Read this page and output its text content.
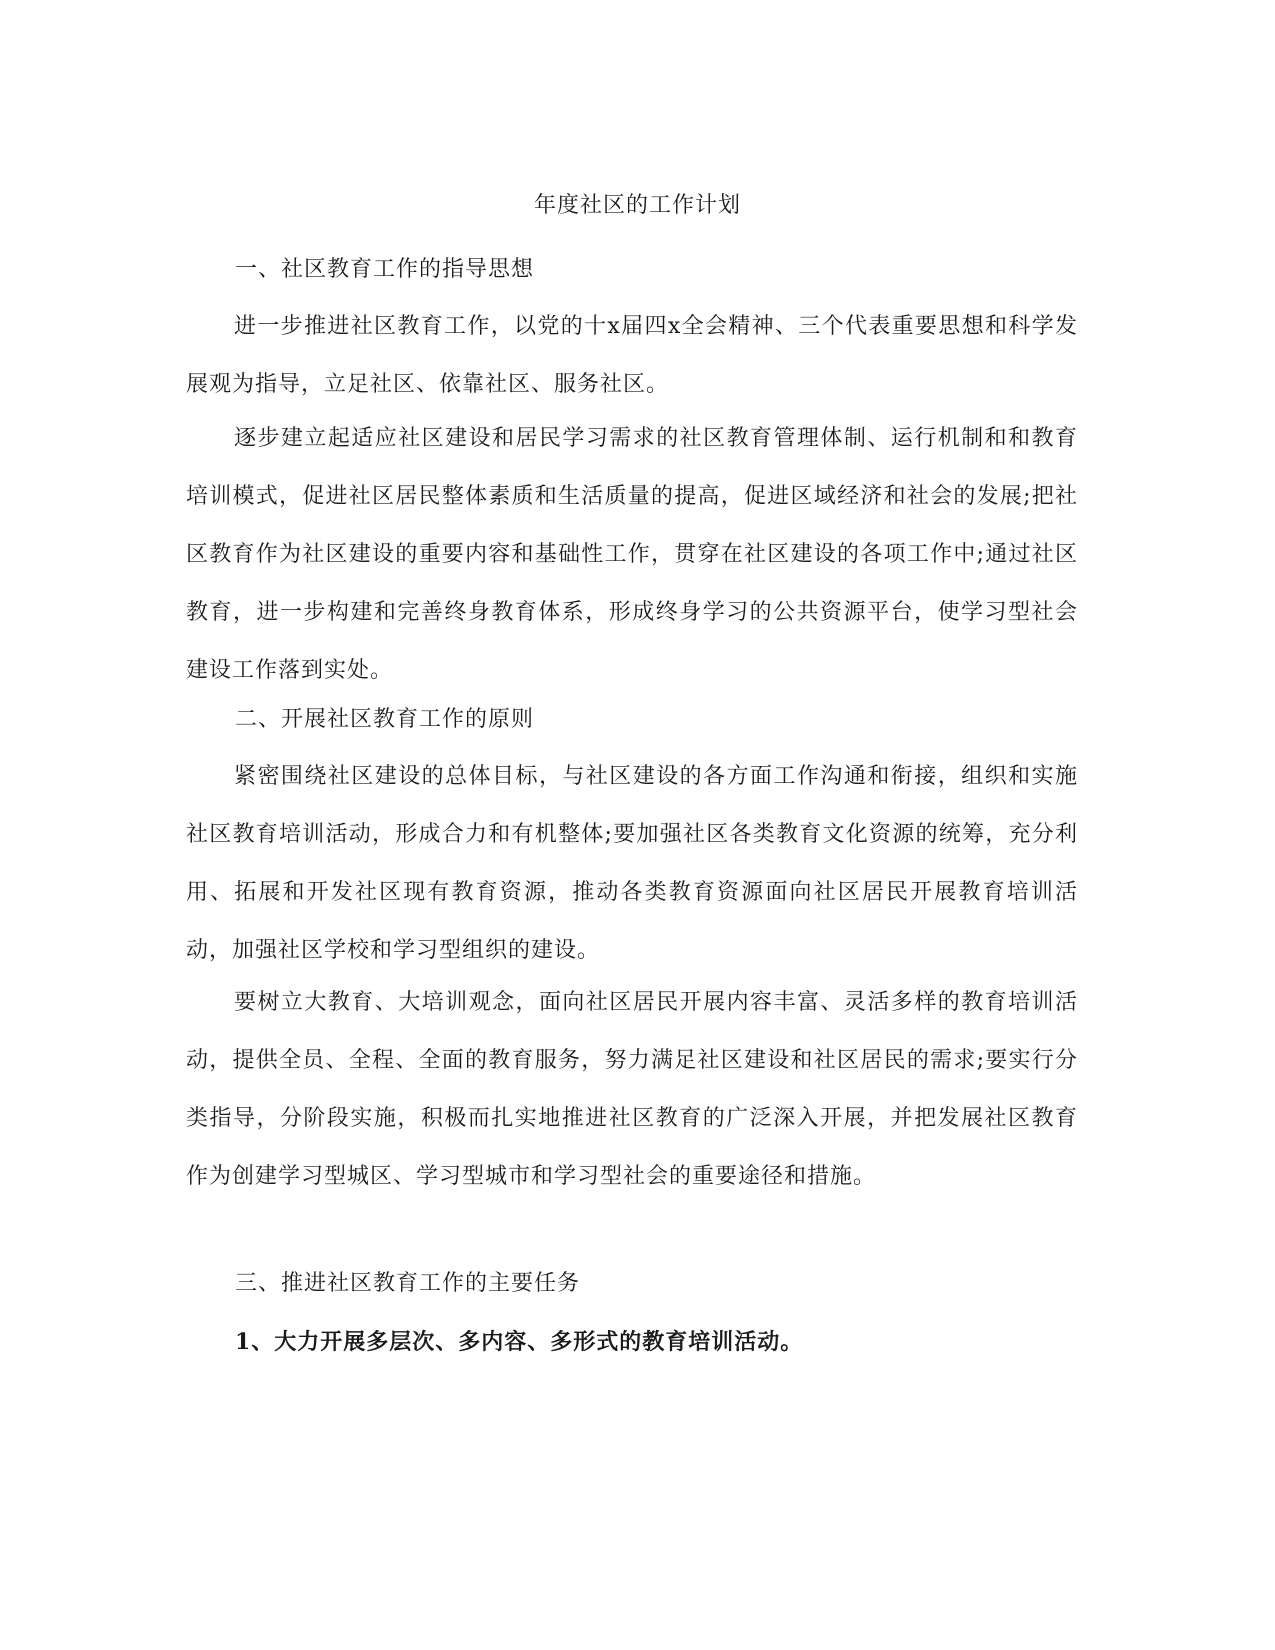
年度社区的工作计划
一、社区教育工作的指导思想

进一步推进社区教育工作，以党的十x届四x全会精神、三个代表重要思想和科学发展观为指导，立足社区、依靠社区、服务社区。

逐步建立起适应社区建设和居民学习需求的社区教育管理体制、运行机制和和教育培训模式，促进社区居民整体素质和生活质量的提高，促进区域经济和社会的发展;把社区教育作为社区建设的重要内容和基础性工作，贯穿在社区建设的各项工作中;通过社区教育，进一步构建和完善终身教育体系，形成终身学习的公共资源平台，使学习型社会建设工作落到实处。

二、开展社区教育工作的原则

紧密围绕社区建设的总体目标，与社区建设的各方面工作沟通和衔接，组织和实施社区教育培训活动，形成合力和有机整体;要加强社区各类教育文化资源的统筹，充分利用、拓展和开发社区现有教育资源，推动各类教育资源面向社区居民开展教育培训活动，加强社区学校和学习型组织的建设。

要树立大教育、大培训观念，面向社区居民开展内容丰富、灵活多样的教育培训活动，提供全员、全程、全面的教育服务，努力满足社区建设和社区居民的需求;要实行分类指导，分阶段实施，积极而扎实地推进社区教育的广泛深入开展，并把发展社区教育作为创建学习型城区、学习型城市和学习型社会的重要途径和措施。

三、推进社区教育工作的主要任务
1、大力开展多层次、多内容、多形式的教育培训活动。
